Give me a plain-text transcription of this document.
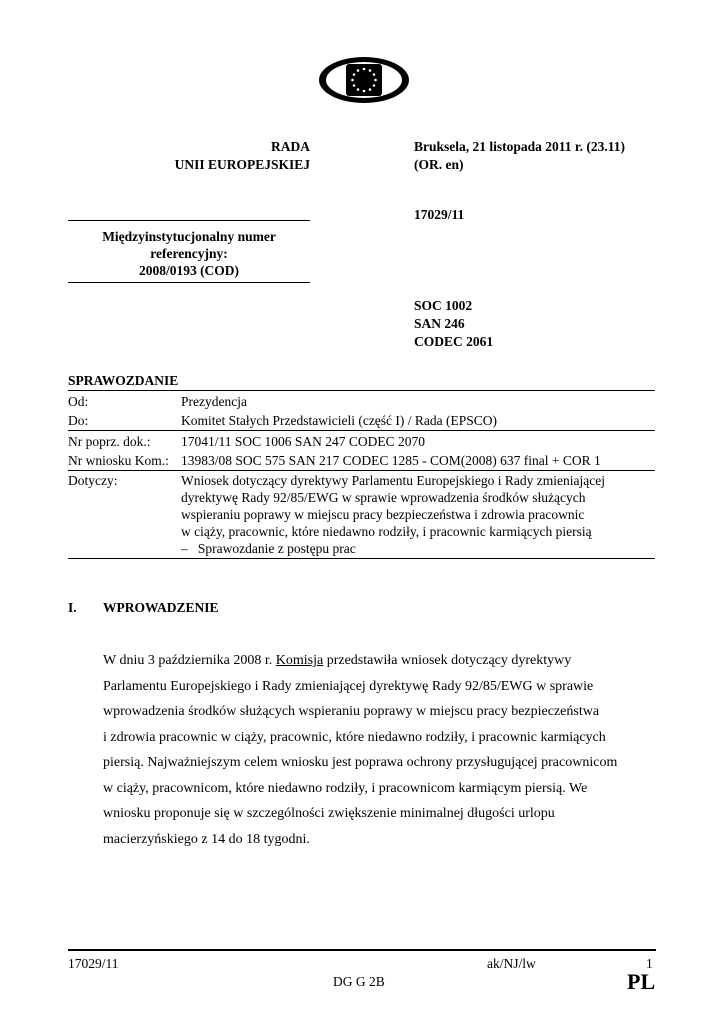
RADA
UNII EUROPEJSKIEJ
Bruksela, 21 listopada 2011 r. (23.11)
(OR. en)
17029/11
Międzyinstytucjonalny numer
referencyjny:
2008/0193 (COD)
SOC 1002
SAN 246
CODEC 2061
SPRAWOZDANIE
Od:	Prezydencja
Do:	Komitet Stałych Przedstawicieli (część I) / Rada (EPSCO)
Nr poprz. dok.: 17041/11 SOC 1006 SAN 247 CODEC 2070
Nr wniosku Kom.: 13983/08 SOC 575 SAN 217 CODEC 1285 - COM(2008) 637 final + COR 1
Dotyczy:	Wniosek dotyczący dyrektywy Parlamentu Europejskiego i Rady zmieniającej
dyrektywę Rady 92/85/EWG w sprawie wprowadzenia środków służących
wspieraniu poprawy w miejscu pracy bezpieczeństwa i zdrowia pracownic
w ciąży, pracownic, które niedawno rodziły, i pracownic karmiących piersią
–   Sprawozdanie z postępu prac
I. WPROWADZENIE
W dniu 3 października 2008 r. Komisja przedstawiła wniosek dotyczący dyrektywy
Parlamentu Europejskiego i Rady zmieniającej dyrektywę Rady 92/85/EWG w sprawie
wprowadzenia środków służących wspieraniu poprawy w miejscu pracy bezpieczeństwa
i zdrowia pracownic w ciąży, pracownic, które niedawno rodziły, i pracownic karmiących
piersią. Najważniejszym celem wniosku jest poprawa ochrony przysługującej pracownicom
w ciąży, pracownicom, które niedawno rodziły, i pracownicom karmiącym piersią. We
wniosku proponuje się w szczególności zwiększenie minimalnej długości urlopu
macierzyńskiego z 14 do 18 tygodni.
17029/11	ak/NJ/lw	1
DG G 2B	PL
